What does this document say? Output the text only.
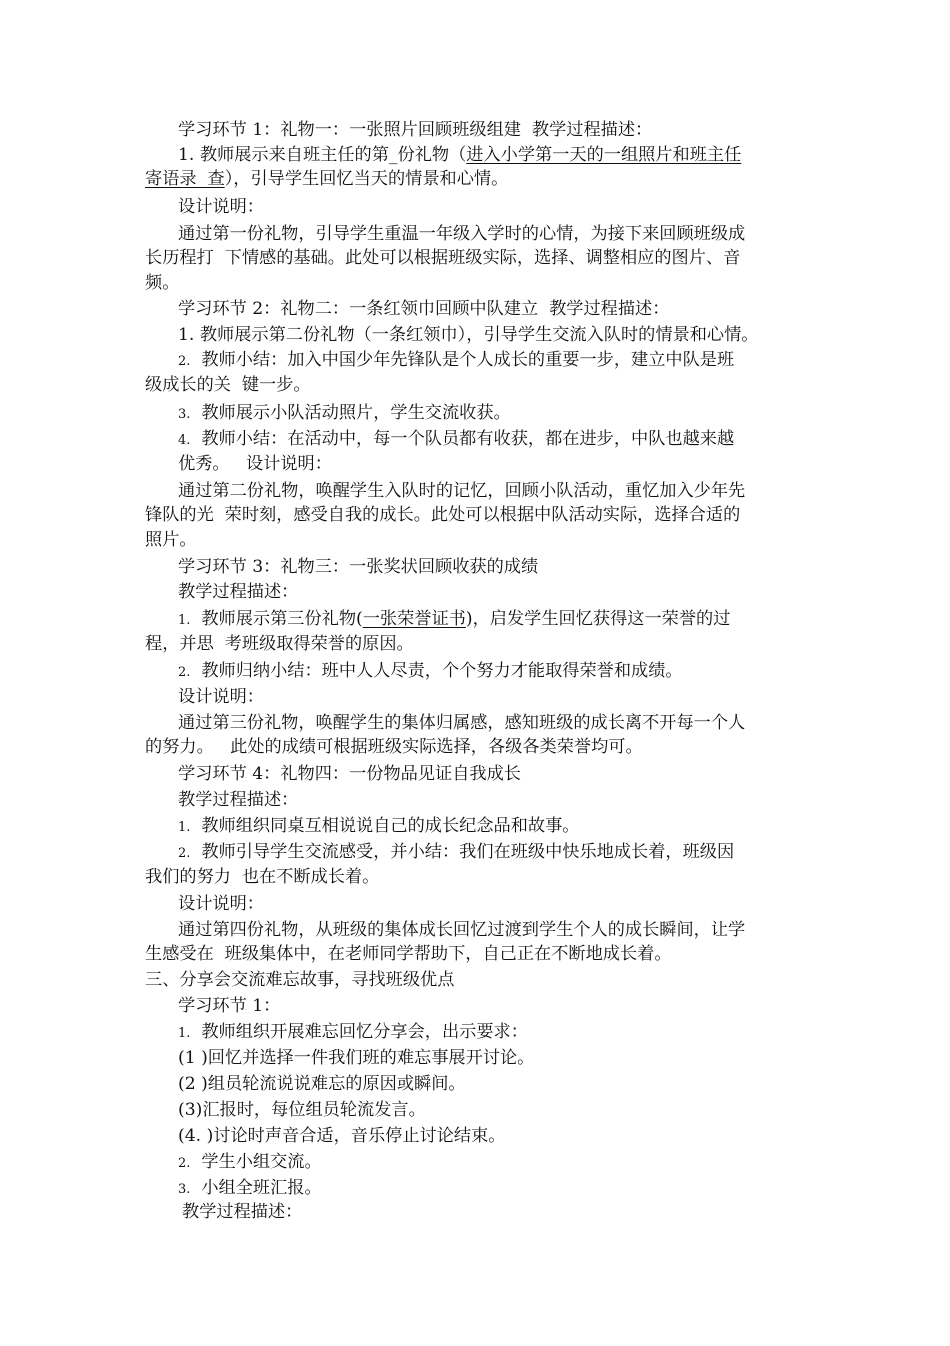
学习环节 1：礼物一：一张照片回顾班级组建  教学过程描述：
1. 教师展示来自班主任的第_份礼物（进入小学第一天的一组照片和班主任
寄语录  查），引导学生回忆当天的情景和心情。
设计说明：
通过第一份礼物，引导学生重温一年级入学时的心情，为接下来回顾班级成
长历程打  下情感的基础。此处可以根据班级实际，选择、调整相应的图片、音
频。
学习环节 2：礼物二：一条红领巾回顾中队建立  教学过程描述：
1. 教师展示第二份礼物（一条红领巾），引导学生交流入队时的情景和心情。
2.  教师小结：加入中国少年先锋队是个人成长的重要一步，建立中队是班
级成长的关  键一步。
3.  教师展示小队活动照片，学生交流收获。
4.  教师小结：在活动中，每一个队员都有收获，都在进步，中队也越来越
优秀。   设计说明：
通过第二份礼物，唤醒学生入队时的记忆，回顾小队活动，重忆加入少年先
锋队的光  荣时刻，感受自我的成长。此处可以根据中队活动实际，选择合适的
照片。
学习环节 3：礼物三：一张奖状回顾收获的成绩
教学过程描述：
1.  教师展示第三份礼物(一张荣誉证书)，启发学生回忆获得这一荣誉的过
程，并思  考班级取得荣誉的原因。
2.  教师归纳小结：班中人人尽责，个个努力才能取得荣誉和成绩。
设计说明：
通过第三份礼物，唤醒学生的集体归属感，感知班级的成长离不开每一个人
的努力。   此处的成绩可根据班级实际选择，各级各类荣誉均可。
学习环节 4：礼物四：一份物品见证自我成长
教学过程描述：
1.  教师组织同桌互相说说自己的成长纪念品和故事。
2.  教师引导学生交流感受，并小结：我们在班级中快乐地成长着，班级因
我们的努力  也在不断成长着。
设计说明：
通过第四份礼物，从班级的集体成长回忆过渡到学生个人的成长瞬间，让学
生感受在  班级集体中，在老师同学帮助下，自己正在不断地成长着。
三、分享会交流难忘故事，寻找班级优点
学习环节 1：
1.  教师组织开展难忘回忆分享会，出示要求：
(1 )回忆并选择一件我们班的难忘事展开讨论。
(2 )组员轮流说说难忘的原因或瞬间。
(3)汇报时，每位组员轮流发言。
(4. )讨论时声音合适，音乐停止讨论结束。
2.  学生小组交流。
3.  小组全班汇报。
教学过程描述：
